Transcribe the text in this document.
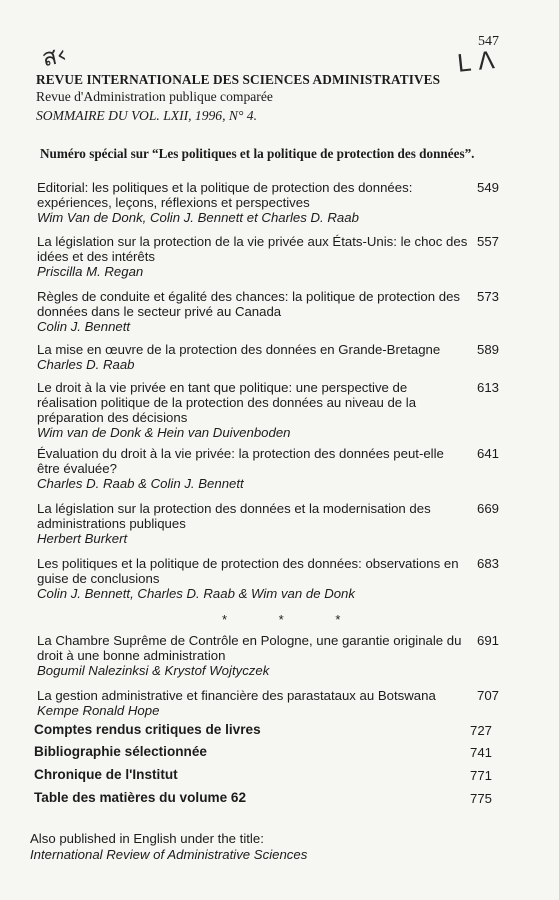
ส‹	L Λ
547
REVUE INTERNATIONALE DES SCIENCES ADMINISTRATIVES
Revue d'Administration publique comparée
SOMMAIRE DU VOL. LXII, 1996, N° 4.
Numéro spécial sur “Les politiques et la politique de protection des données”.
Editorial: les politiques et la politique de protection des données: expériences, leçons, réflexions et perspectives
Wim Van de Donk, Colin J. Bennett et Charles D. Raab
549
La législation sur la protection de la vie privée aux États-Unis: le choc des idées et des intérêts
Priscilla M. Regan
557
Règles de conduite et égalité des chances: la politique de protection des données dans le secteur privé au Canada
Colin J. Bennett
573
La mise en œuvre de la protection des données en Grande-Bretagne
Charles D. Raab
589
Le droit à la vie privée en tant que politique: une perspective de réalisation politique de la protection des données au niveau de la préparation des décisions
Wim van de Donk & Hein van Duivenboden
613
Évaluation du droit à la vie privée: la protection des données peut-elle être évaluée?
Charles D. Raab & Colin J. Bennett
641
La législation sur la protection des données et la modernisation des administrations publiques
Herbert Burkert
669
Les politiques et la politique de protection des données: observations en guise de conclusions
Colin J. Bennett, Charles D. Raab & Wim van de Donk
683
* * *
La Chambre Suprême de Contrôle en Pologne, une garantie originale du droit à une bonne administration
Bogumil Nalezinksi & Krystof Wojtyczek
691
La gestion administrative et financière des parastataux au Botswana
Kempe Ronald Hope
707
Comptes rendus critiques de livres	727
Bibliographie sélectionnée	741
Chronique de l'Institut	771
Table des matières du volume 62	775
Also published in English under the title:
International Review of Administrative Sciences
